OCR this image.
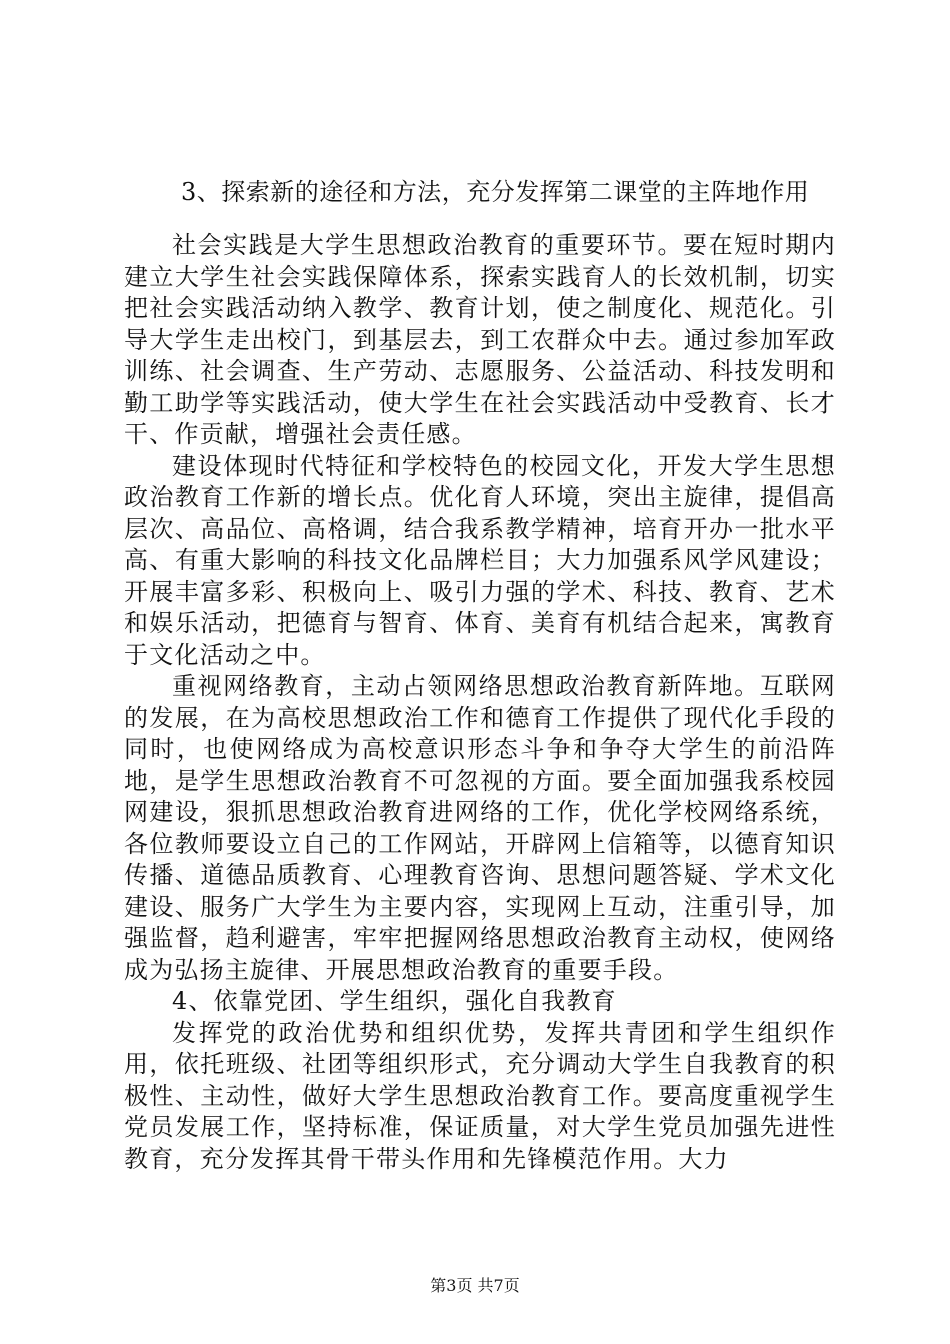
3、探索新的途径和方法，充分发挥第二课堂的主阵地作用

社会实践是大学生思想政治教育的重要环节。要在短时期内建立大学生社会实践保障体系，探索实践育人的长效机制，切实把社会实践活动纳入教学、教育计划，使之制度化、规范化。引导大学生走出校门，到基层去，到工农群众中去。通过参加军政训练、社会调查、生产劳动、志愿服务、公益活动、科技发明和勤工助学等实践活动，使大学生在社会实践活动中受教育、长才干、作贡献，增强社会责任感。

建设体现时代特征和学校特色的校园文化，开发大学生思想政治教育工作新的增长点。优化育人环境，突出主旋律，提倡高层次、高品位、高格调，结合我系教学精神，培育开办一批水平高、有重大影响的科技文化品牌栏目；大力加强系风学风建设；开展丰富多彩、积极向上、吸引力强的学术、科技、教育、艺术和娱乐活动，把德育与智育、体育、美育有机结合起来，寓教育于文化活动之中。

重视网络教育，主动占领网络思想政治教育新阵地。互联网的发展，在为高校思想政治工作和德育工作提供了现代化手段的同时，也使网络成为高校意识形态斗争和争夺大学生的前沿阵地，是学生思想政治教育不可忽视的方面。要全面加强我系校园网建设，狠抓思想政治教育进网络的工作，优化学校网络系统，各位教师要设立自己的工作网站，开辟网上信箱等，以德育知识传播、道德品质教育、心理教育咨询、思想问题答疑、学术文化建设、服务广大学生为主要内容，实现网上互动，注重引导，加强监督，趋利避害，牢牢把握网络思想政治教育主动权，使网络成为弘扬主旋律、开展思想政治教育的重要手段。

4、依靠党团、学生组织，强化自我教育

发挥党的政治优势和组织优势，发挥共青团和学生组织作用，依托班级、社团等组织形式，充分调动大学生自我教育的积极性、主动性，做好大学生思想政治教育工作。要高度重视学生党员发展工作，坚持标准，保证质量，对大学生党员加强先进性教育，充分发挥其骨干带头作用和先锋模范作用。大力

第3页 共7页
